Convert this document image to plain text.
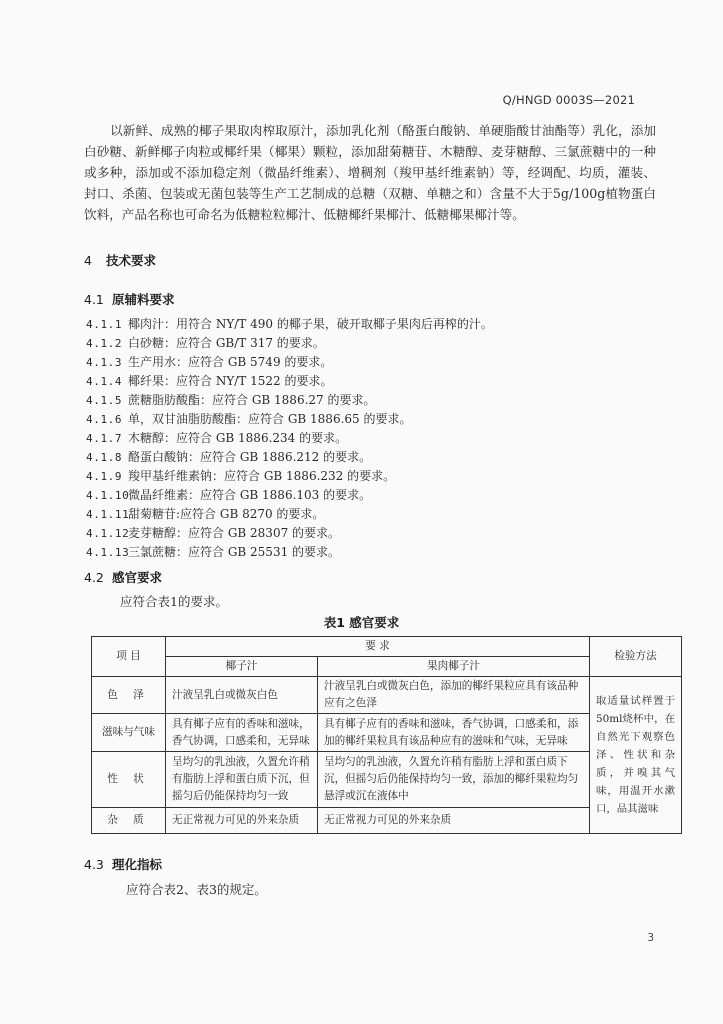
Q/HNGD 0003S—2021
以新鲜、成熟的椰子果取肉榨取原汁，添加乳化剂（酪蛋白酸钠、单硬脂酸甘油酯等）乳化，添加白砂糖、新鲜椰子肉粒或椰纤果（椰果）颗粒，添加甜菊糖苷、木糖醇、麦芽糖醇、三氯蔗糖中的一种或多种，添加或不添加稳定剂（微晶纤维素）、增稠剂（羧甲基纤维素钠）等，经调配、均质，灌装、封口、杀菌、包装或无菌包装等生产工艺制成的总糖（双糖、单糖之和）含量不大于5g/100g植物蛋白饮料，产品名称也可命名为低糖粒粒椰汁、低糖椰纤果椰汁、低糖椰果椰汁等。
4 技术要求
4.1 原辅料要求
4.1.1 椰肉汁：用符合 NY/T 490 的椰子果，破开取椰子果肉后再榨的汁。
4.1.2 白砂糖：应符合 GB/T 317 的要求。
4.1.3 生产用水：应符合 GB 5749 的要求。
4.1.4 椰纤果：应符合 NY/T 1522 的要求。
4.1.5 蔗糖脂肪酸酯：应符合 GB 1886.27 的要求。
4.1.6 单，双甘油脂肪酸酯：应符合 GB 1886.65 的要求。
4.1.7 木糖醇：应符合 GB 1886.234 的要求。
4.1.8 酪蛋白酸钠：应符合 GB 1886.212 的要求。
4.1.9 羧甲基纤维素钠：应符合 GB 1886.232 的要求。
4.1.10微晶纤维素：应符合 GB 1886.103 的要求。
4.1.11甜菊糖苷:应符合 GB 8270 的要求。
4.1.12麦芽糖醇：应符合 GB 28307 的要求。
4.1.13三氯蔗糖：应符合 GB 25531 的要求。
4.2 感官要求
应符合表1的要求。
表1 感官要求
项 目	要 求		检验方法
	椰子汁	果肉椰子汁	
色 泽	汁液呈乳白或微灰白色	汁液呈乳白或微灰白色，添加的椰纤果粒应具有该品种应有之色泽	取适量试样置于50ml烧杯中，在自然光下观察色泽、性状和杂质，并嗅其气味，用温开水漱口，品其滋味
滋味与气味	具有椰子应有的香味和滋味，香气协调，口感柔和，无异味	具有椰子应有的香味和滋味，香气协调，口感柔和，添加的椰纤果粒具有该品种应有的滋味和气味，无异味	
性 状	呈均匀的乳浊液，久置允许稍有脂肪上浮和蛋白质下沉，但摇匀后仍能保持均匀一致	呈均匀的乳浊液，久置允许稍有脂肪上浮和蛋白质下沉，但摇匀后仍能保持均匀一致，添加的椰纤果粒均匀悬浮或沉在液体中	
杂 质	无正常视力可见的外来杂质	无正常视力可见的外来杂质	
4.3 理化指标
应符合表2、表3的规定。
3
